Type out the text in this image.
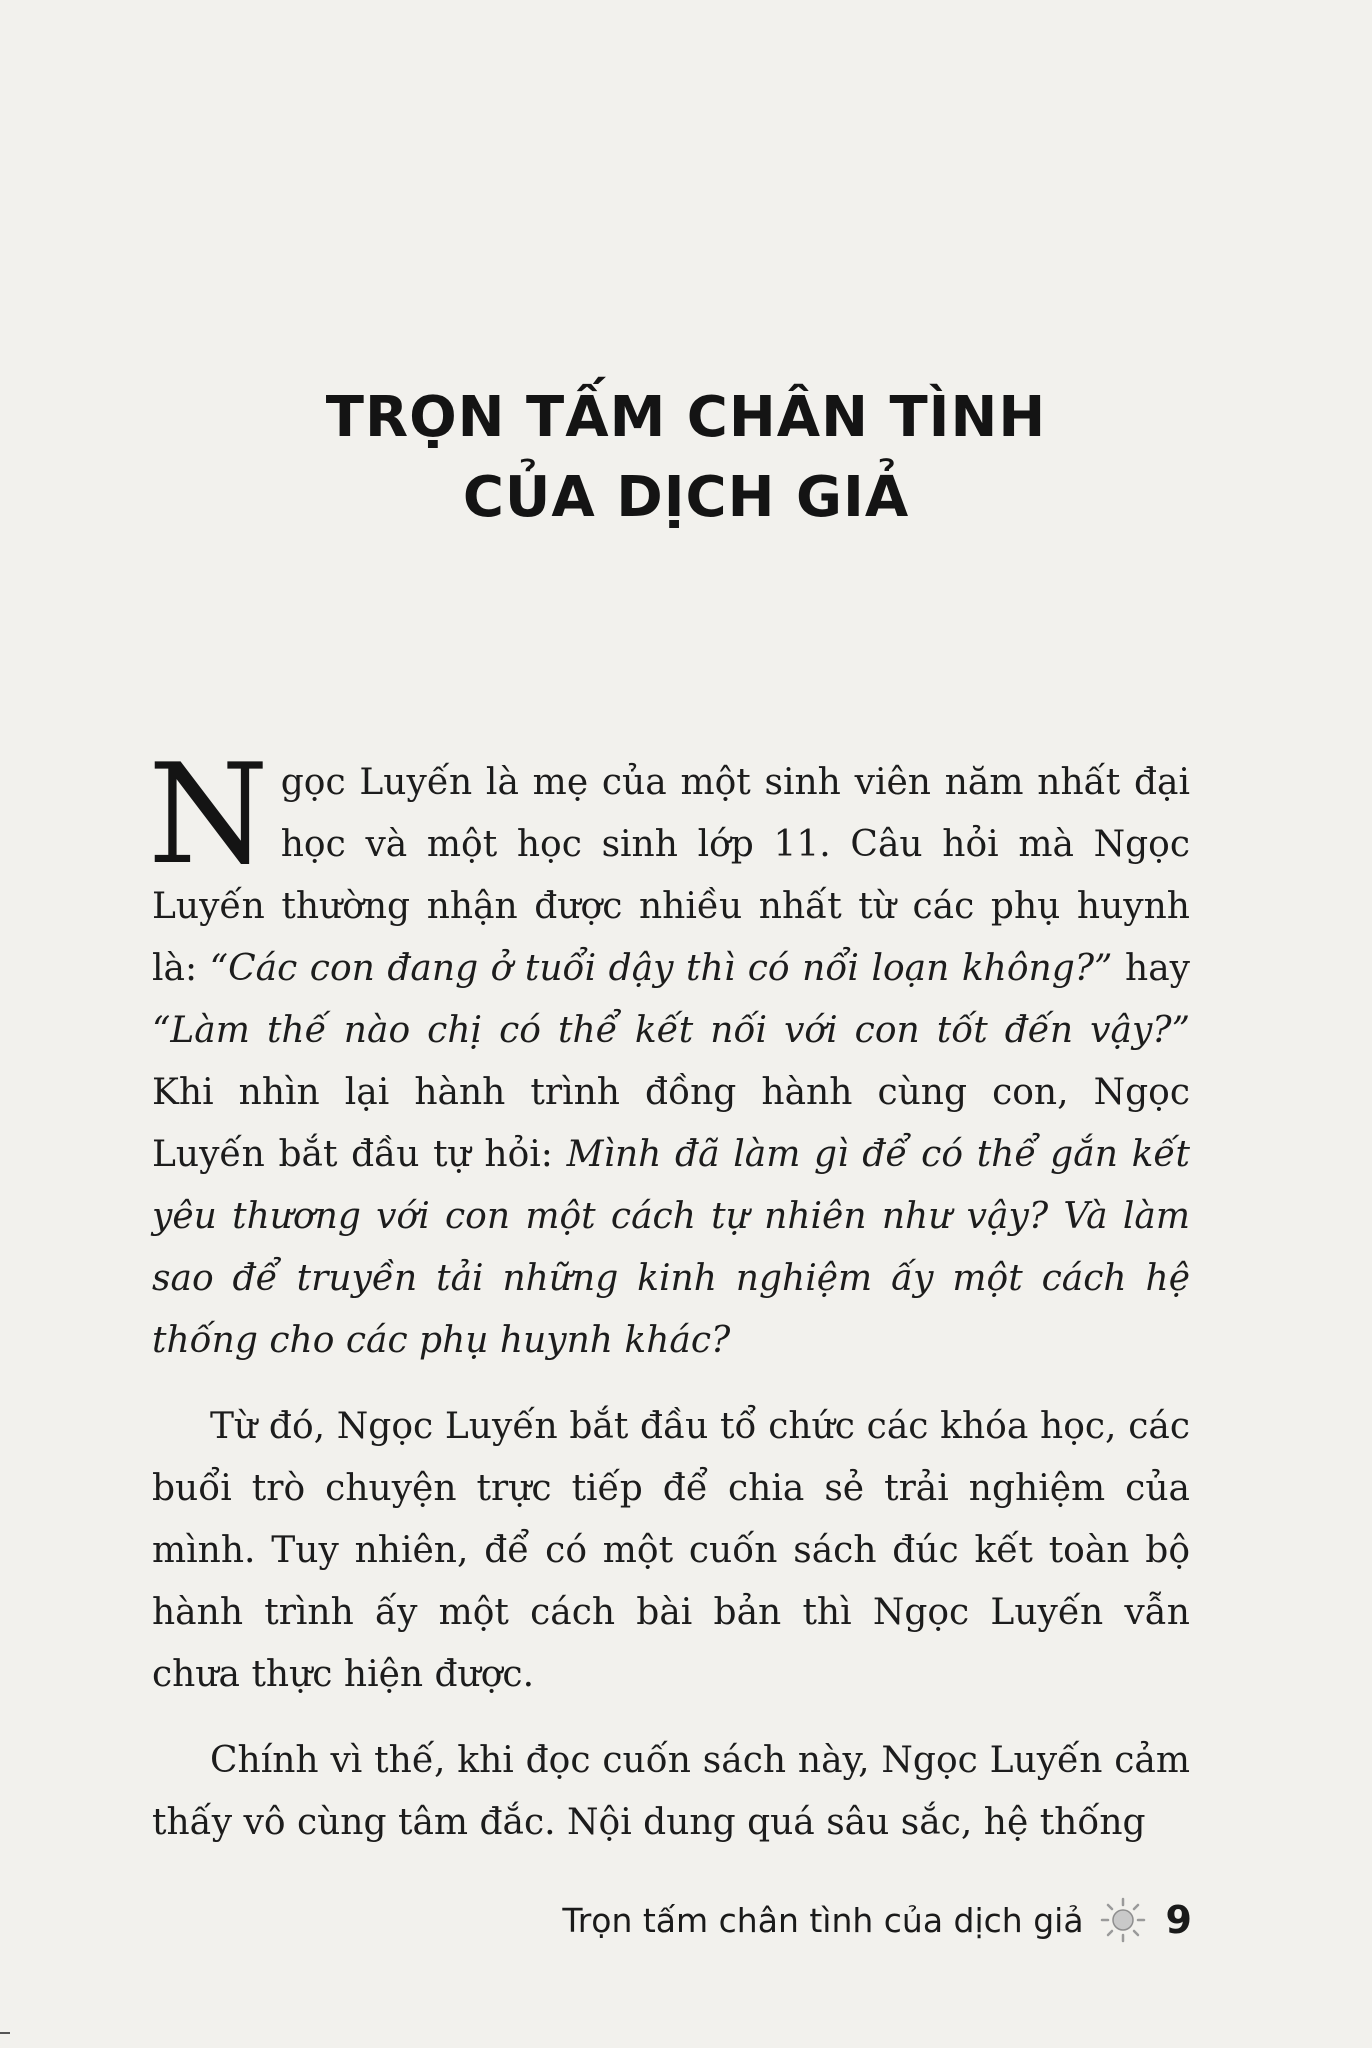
TRỌN TẤM CHÂN TÌNH
CỦA DỊCH GIẢ

Ngọc Luyến là mẹ của một sinh viên năm nhất đại học và một học sinh lớp 11. Câu hỏi mà Ngọc Luyến thường nhận được nhiều nhất từ các phụ huynh là: “Các con đang ở tuổi dậy thì có nổi loạn không?” hay “Làm thế nào chị có thể kết nối với con tốt đến vậy?” Khi nhìn lại hành trình đồng hành cùng con, Ngọc Luyến bắt đầu tự hỏi: Mình đã làm gì để có thể gắn kết yêu thương với con một cách tự nhiên như vậy? Và làm sao để truyền tải những kinh nghiệm ấy một cách hệ thống cho các phụ huynh khác?

Từ đó, Ngọc Luyến bắt đầu tổ chức các khóa học, các buổi trò chuyện trực tiếp để chia sẻ trải nghiệm của mình. Tuy nhiên, để có một cuốn sách đúc kết toàn bộ hành trình ấy một cách bài bản thì Ngọc Luyến vẫn chưa thực hiện được.

Chính vì thế, khi đọc cuốn sách này, Ngọc Luyến cảm thấy vô cùng tâm đắc. Nội dung quá sâu sắc, hệ thống

Trọn tấm chân tình của dịch giả 9
